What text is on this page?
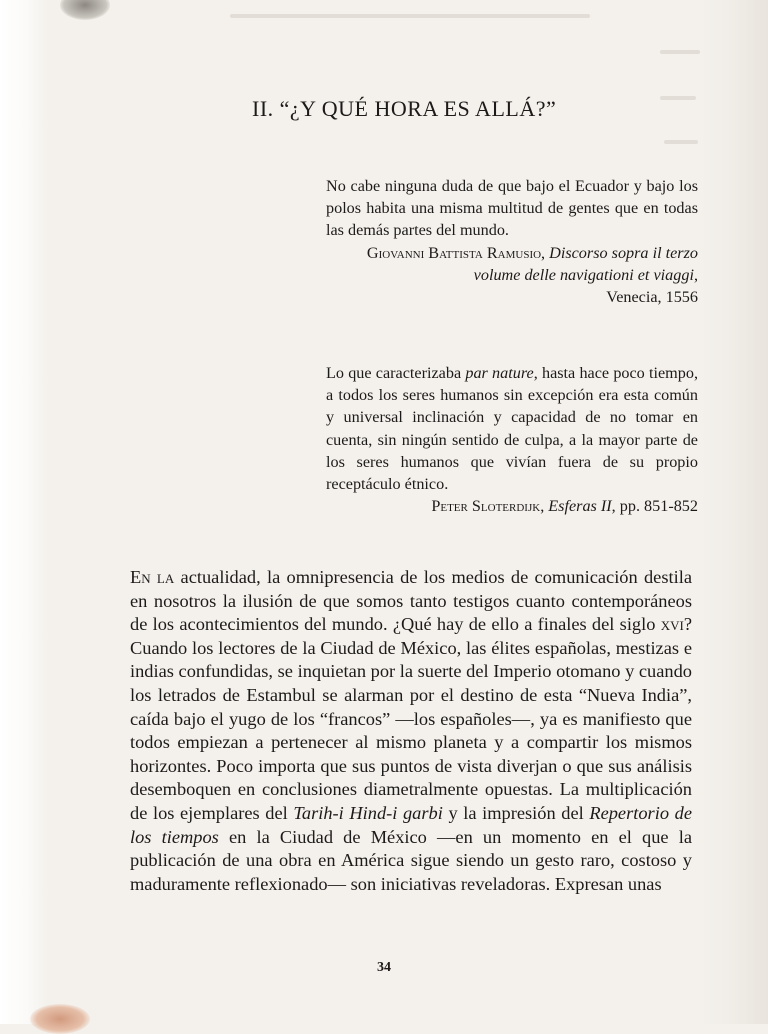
II. “¿Y QUÉ HORA ES ALLÁ?”

No cabe ninguna duda de que bajo el Ecuador y bajo los polos habita una misma multitud de gentes que en todas las demás partes del mundo.

Giovanni Battista Ramusio, Discorso sopra il terzo volume delle navigationi et viaggi,
Venecia, 1556

Lo que caracterizaba par nature, hasta hace poco tiempo, a todos los seres humanos sin excepción era esta común y universal inclinación y capacidad de no tomar en cuenta, sin ningún sentido de culpa, a la mayor parte de los seres humanos que vivían fuera de su propio receptáculo étnico.

Peter Sloterdijk, Esferas II, pp. 851-852

En la actualidad, la omnipresencia de los medios de comunicación destila en nosotros la ilusión de que somos tanto testigos cuanto contemporáneos de los acontecimientos del mundo. ¿Qué hay de ello a finales del siglo xvi? Cuando los lectores de la Ciudad de México, las élites españolas, mestizas e indias confundidas, se inquietan por la suerte del Imperio otomano y cuando los letrados de Estambul se alarman por el destino de esta “Nueva India”, caída bajo el yugo de los “francos” —los españoles—, ya es manifiesto que todos empiezan a pertenecer al mismo planeta y a compartir los mismos horizontes. Poco importa que sus puntos de vista diverjan o que sus análisis desemboquen en conclusiones diametralmente opuestas. La multiplicación de los ejemplares del Tarih-i Hind-i garbi y la impresión del Repertorio de los tiempos en la Ciudad de México —en un momento en el que la publicación de una obra en América sigue siendo un gesto raro, costoso y maduramente reflexionado— son iniciativas reveladoras. Expresan unas

34
